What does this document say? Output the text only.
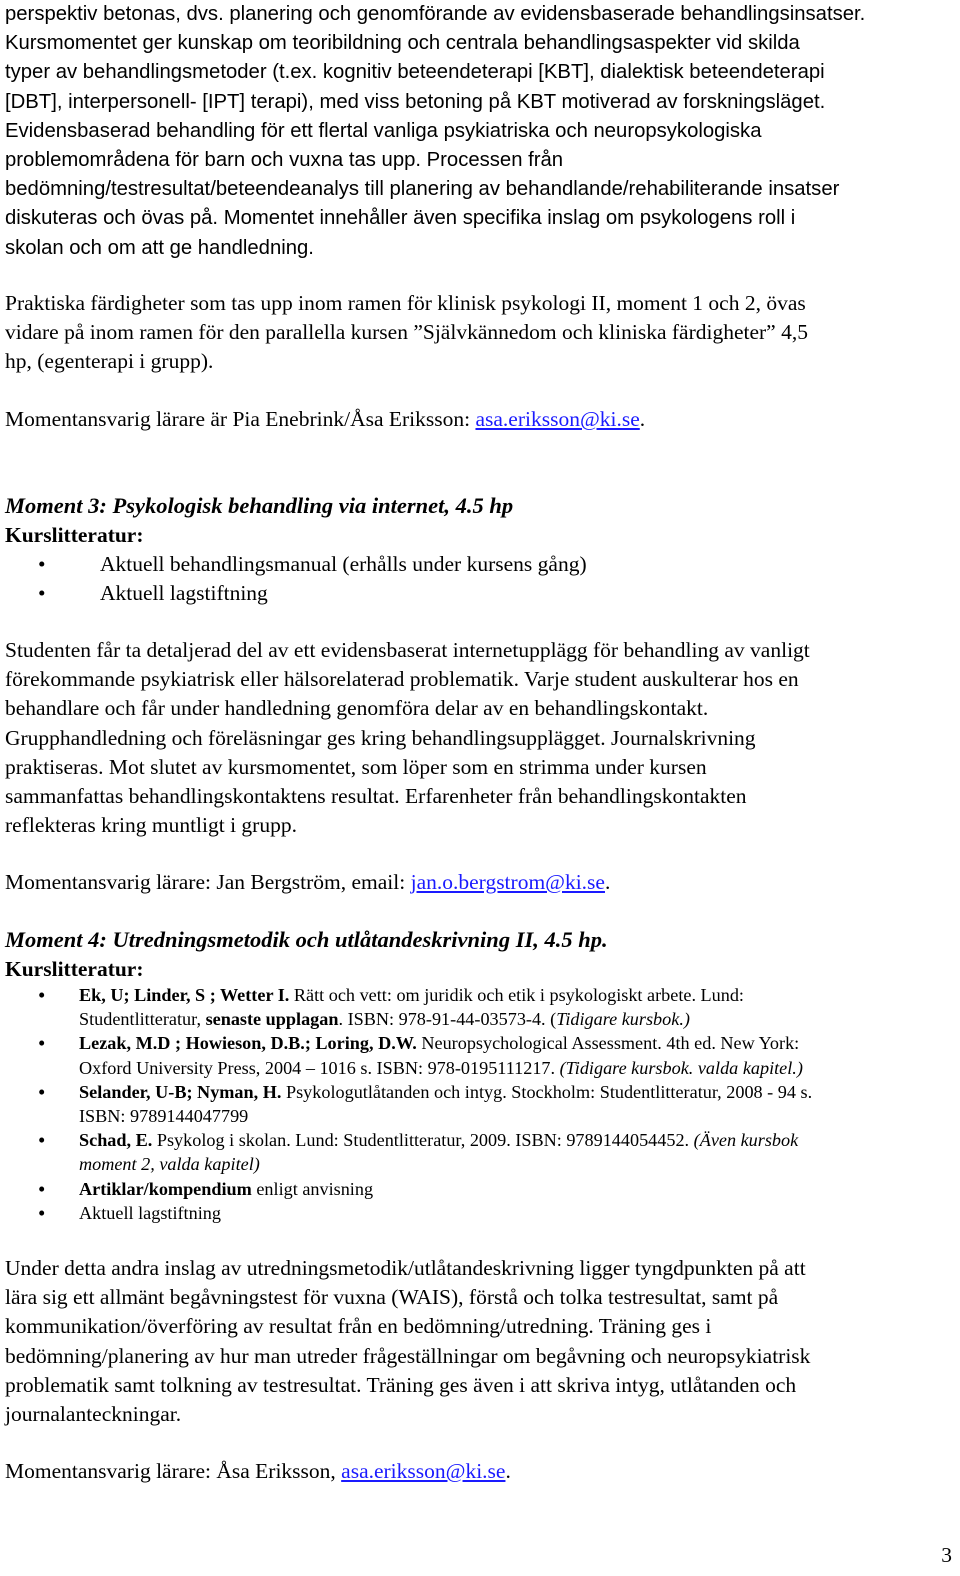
perspektiv betonas, dvs. planering och genomförande av evidensbaserade behandlingsinsatser.
Kursmomentet ger kunskap om teoribildning och centrala behandlingsaspekter vid skilda
typer av behandlingsmetoder (t.ex. kognitiv beteendeterapi [KBT], dialektisk beteendeterapi
[DBT], interpersonell- [IPT] terapi), med viss betoning på KBT motiverad av forskningsläget.
Evidensbaserad behandling för ett flertal vanliga psykiatriska och neuropsykologiska
problemområdena för barn och vuxna tas upp. Processen från
bedömning/testresultat/beteendeanalys till planering av behandlande/rehabiliterande insatser
diskuteras och övas på. Momentet innehåller även specifika inslag om psykologens roll i
skolan och om att ge handledning.
Praktiska färdigheter som tas upp inom ramen för klinisk psykologi II, moment 1 och 2, övas
vidare på inom ramen för den parallella kursen ”Självkännedom och kliniska färdigheter” 4,5
hp, (egenterapi i grupp).
Momentansvarig lärare är Pia Enebrink/Åsa Eriksson: asa.eriksson@ki.se.
Moment 3: Psykologisk behandling via internet, 4.5 hp
Kurslitteratur:
•	Aktuell behandlingsmanual (erhålls under kursens gång)
•	Aktuell lagstiftning
Studenten får ta detaljerad del av ett evidensbaserat internetupplägg för behandling av vanligt
förekommande psykiatrisk eller hälsorelaterad problematik. Varje student auskulterar hos en
behandlare och får under handledning genomföra delar av en behandlingskontakt.
Grupphandledning och föreläsningar ges kring behandlingsupplägget. Journalskrivning
praktiseras. Mot slutet av kursmomentet, som löper som en strimma under kursen
sammanfattas behandlingskontaktens resultat. Erfarenheter från behandlingskontakten
reflekteras kring muntligt i grupp.
Momentansvarig lärare: Jan Bergström, email: jan.o.bergstrom@ki.se.
Moment 4: Utredningsmetodik och utlåtandeskrivning II, 4.5 hp.
Kurslitteratur:
• Ek, U; Linder, S ; Wetter I. Rätt och vett: om juridik och etik i psykologiskt arbete. Lund:
Studentlitteratur, senaste upplagan. ISBN: 978-91-44-03573-4. (Tidigare kursbok.)
• Lezak, M.D ; Howieson, D.B.; Loring, D.W. Neuropsychological Assessment. 4th ed. New York:
Oxford University Press, 2004 – 1016 s. ISBN: 978-0195111217. (Tidigare kursbok. valda kapitel.)
• Selander, U-B; Nyman, H. Psykologutlåtanden och intyg. Stockholm: Studentlitteratur, 2008 - 94 s.
ISBN: 9789144047799
• Schad, E. Psykolog i skolan. Lund: Studentlitteratur, 2009. ISBN: 9789144054452. (Även kursbok
moment 2, valda kapitel)
• Artiklar/kompendium enligt anvisning
• Aktuell lagstiftning
Under detta andra inslag av utredningsmetodik/utlåtandeskrivning ligger tyngdpunkten på att
lära sig ett allmänt begåvningstest för vuxna (WAIS), förstå och tolka testresultat, samt på
kommunikation/överföring av resultat från en bedömning/utredning. Träning ges i
bedömning/planering av hur man utreder frågeställningar om begåvning och neuropsykiatrisk
problematik samt tolkning av testresultat. Träning ges även i att skriva intyg, utlåtanden och
journalanteckningar.
Momentansvarig lärare: Åsa Eriksson, asa.eriksson@ki.se.
3
